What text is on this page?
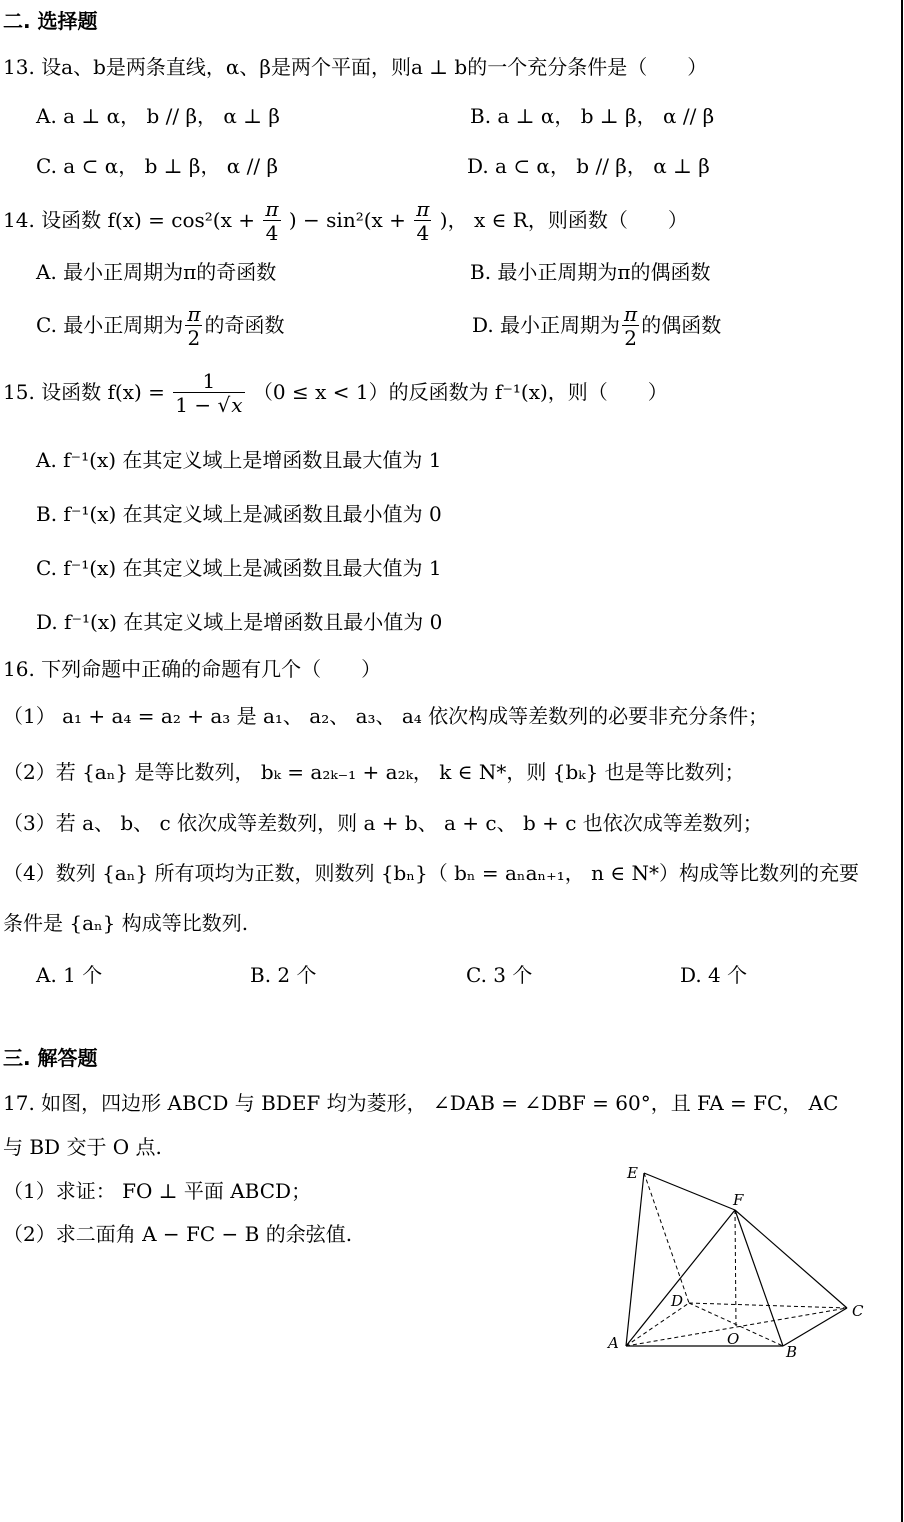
二. 选择题
13. 设a、b是两条直线，α、β是两个平面，则a ⊥ b的一个充分条件是（　　）
A. a ⊥ α， b // β， α ⊥ β	B. a ⊥ α， b ⊥ β， α // β
C. a ⊂ α， b ⊥ β， α // β	D. a ⊂ α， b // β， α ⊥ β
14. 设函数 $f(x) = \cos^2(x + \frac{\pi}{4}$ ) − $\sin^2(x + \frac{\pi}{4}$ )， x ∈ R，则函数（　　）
A. 最小正周期为π的奇函数	B. 最小正周期为π的偶函数
C. 最小正周期为 $\frac{\pi}{2}$ 的奇函数	D. 最小正周期为 $\frac{\pi}{2}$ 的偶函数
15. 设函数 $f(x) = \frac{1}{1 - √x} (0 \le x < 1)$的反函数为 f⁻¹(x)，则（　　）
A. f⁻¹(x) 在其定义域上是增函数且最大值为 1
B. f⁻¹(x) 在其定义域上是减函数且最小值为 0
C. f⁻¹(x) 在其定义域上是减函数且最大值为 1
D. f⁻¹(x) 在其定义域上是增函数且最小值为 0
16. 下列命题中正确的命题有几个（　　）
（1） a₁ + a₄ = a₂ + a₃ 是 a₁、 a₂、 a₃、 a₄ 依次构成等差数列的必要非充分条件；
（2）若 {aₙ} 是等比数列， bₖ = a₂ₖ₋₁ + a₂ₖ， k ∈ N*，则 {bₖ} 也是等比数列；
（3）若 a、 b、 c 依次成等差数列，则 a + b、 a + c、 b + c 也依次成等差数列；
（4）数列 {aₙ} 所有项均为正数，则数列 {bₙ}（ bₙ = aₙaₙ₊₁， n ∈ N*）构成等比数列的充要
条件是 {aₙ} 构成等比数列.
A. 1 个	B. 2 个	C. 3 个	D. 4 个
三. 解答题
17. 如图，四边形 ABCD 与 BDEF 均为菱形， ∠DAB = ∠DBF = 60°，且 FA = FC， AC
与 BD 交于 O 点.
（1）求证： FO ⊥ 平面 ABCD；
（2）求二面角 A − FC − B 的余弦值.
E
F
D
C
A	O
B
